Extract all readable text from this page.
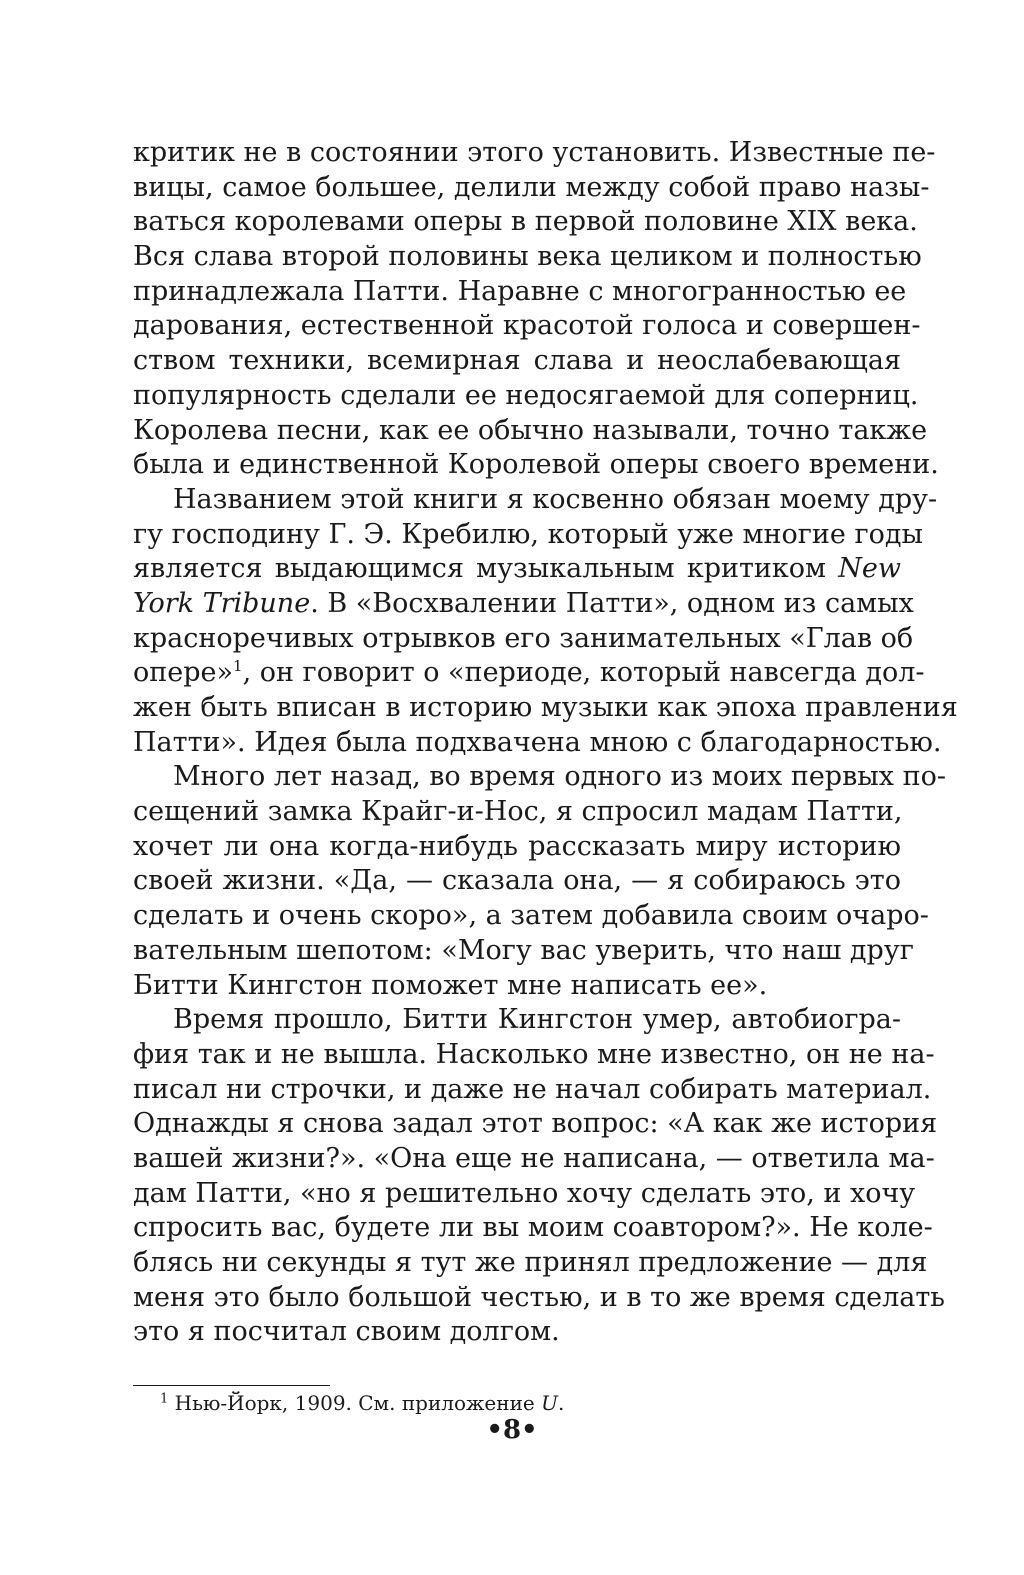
критик не в состоянии этого установить. Известные пе-
вицы, самое большее, делили между собой право назы-
ваться королевами оперы в первой половине XIX века.
Вся слава второй половины века целиком и полностью
принадлежала Патти. Наравне с многогранностью ее
дарования, естественной красотой голоса и совершен-
ством техники, всемирная слава и неослабевающая
популярность сделали ее недосягаемой для соперниц.
Королева песни, как ее обычно называли, точно также
была и единственной Королевой оперы своего времени.
Названием этой книги я косвенно обязан моему дру-
гу господину Г. Э. Кребилю, который уже многие годы
является выдающимся музыкальным критиком New
York Tribune. В «Восхвалении Патти», одном из самых
красноречивых отрывков его занимательных «Глав об
опере»$^1$, он говорит о «периоде, который навсегда дол-
жен быть вписан в историю музыки как эпоха правления
Патти». Идея была подхвачена мною с благодарностью.
Много лет назад, во время одного из моих первых по-
сещений замка Крайг-и-Нос, я спросил мадам Патти,
хочет ли она когда-нибудь рассказать миру историю
своей жизни. «Да, — сказала она, — я собираюсь это
сделать и очень скоро», а затем добавила своим очаро-
вательным шепотом: «Могу вас уверить, что наш друг
Битти Кингстон поможет мне написать ее».
Время прошло, Битти Кингстон умер, автобиогра-
фия так и не вышла. Насколько мне известно, он не на-
писал ни строчки, и даже не начал собирать материал.
Однажды я снова задал этот вопрос: «А как же история
вашей жизни?». «Она еще не написана, — ответила ма-
дам Патти, «но я решительно хочу сделать это, и хочу
спросить вас, будете ли вы моим соавтором?». Не коле-
блясь ни секунды я тут же принял предложение — для
меня это было большой честью, и в то же время сделать
это я посчитал своим долгом.
$^1$ Нью-Йорк, 1909. См. приложение U.
•8•
